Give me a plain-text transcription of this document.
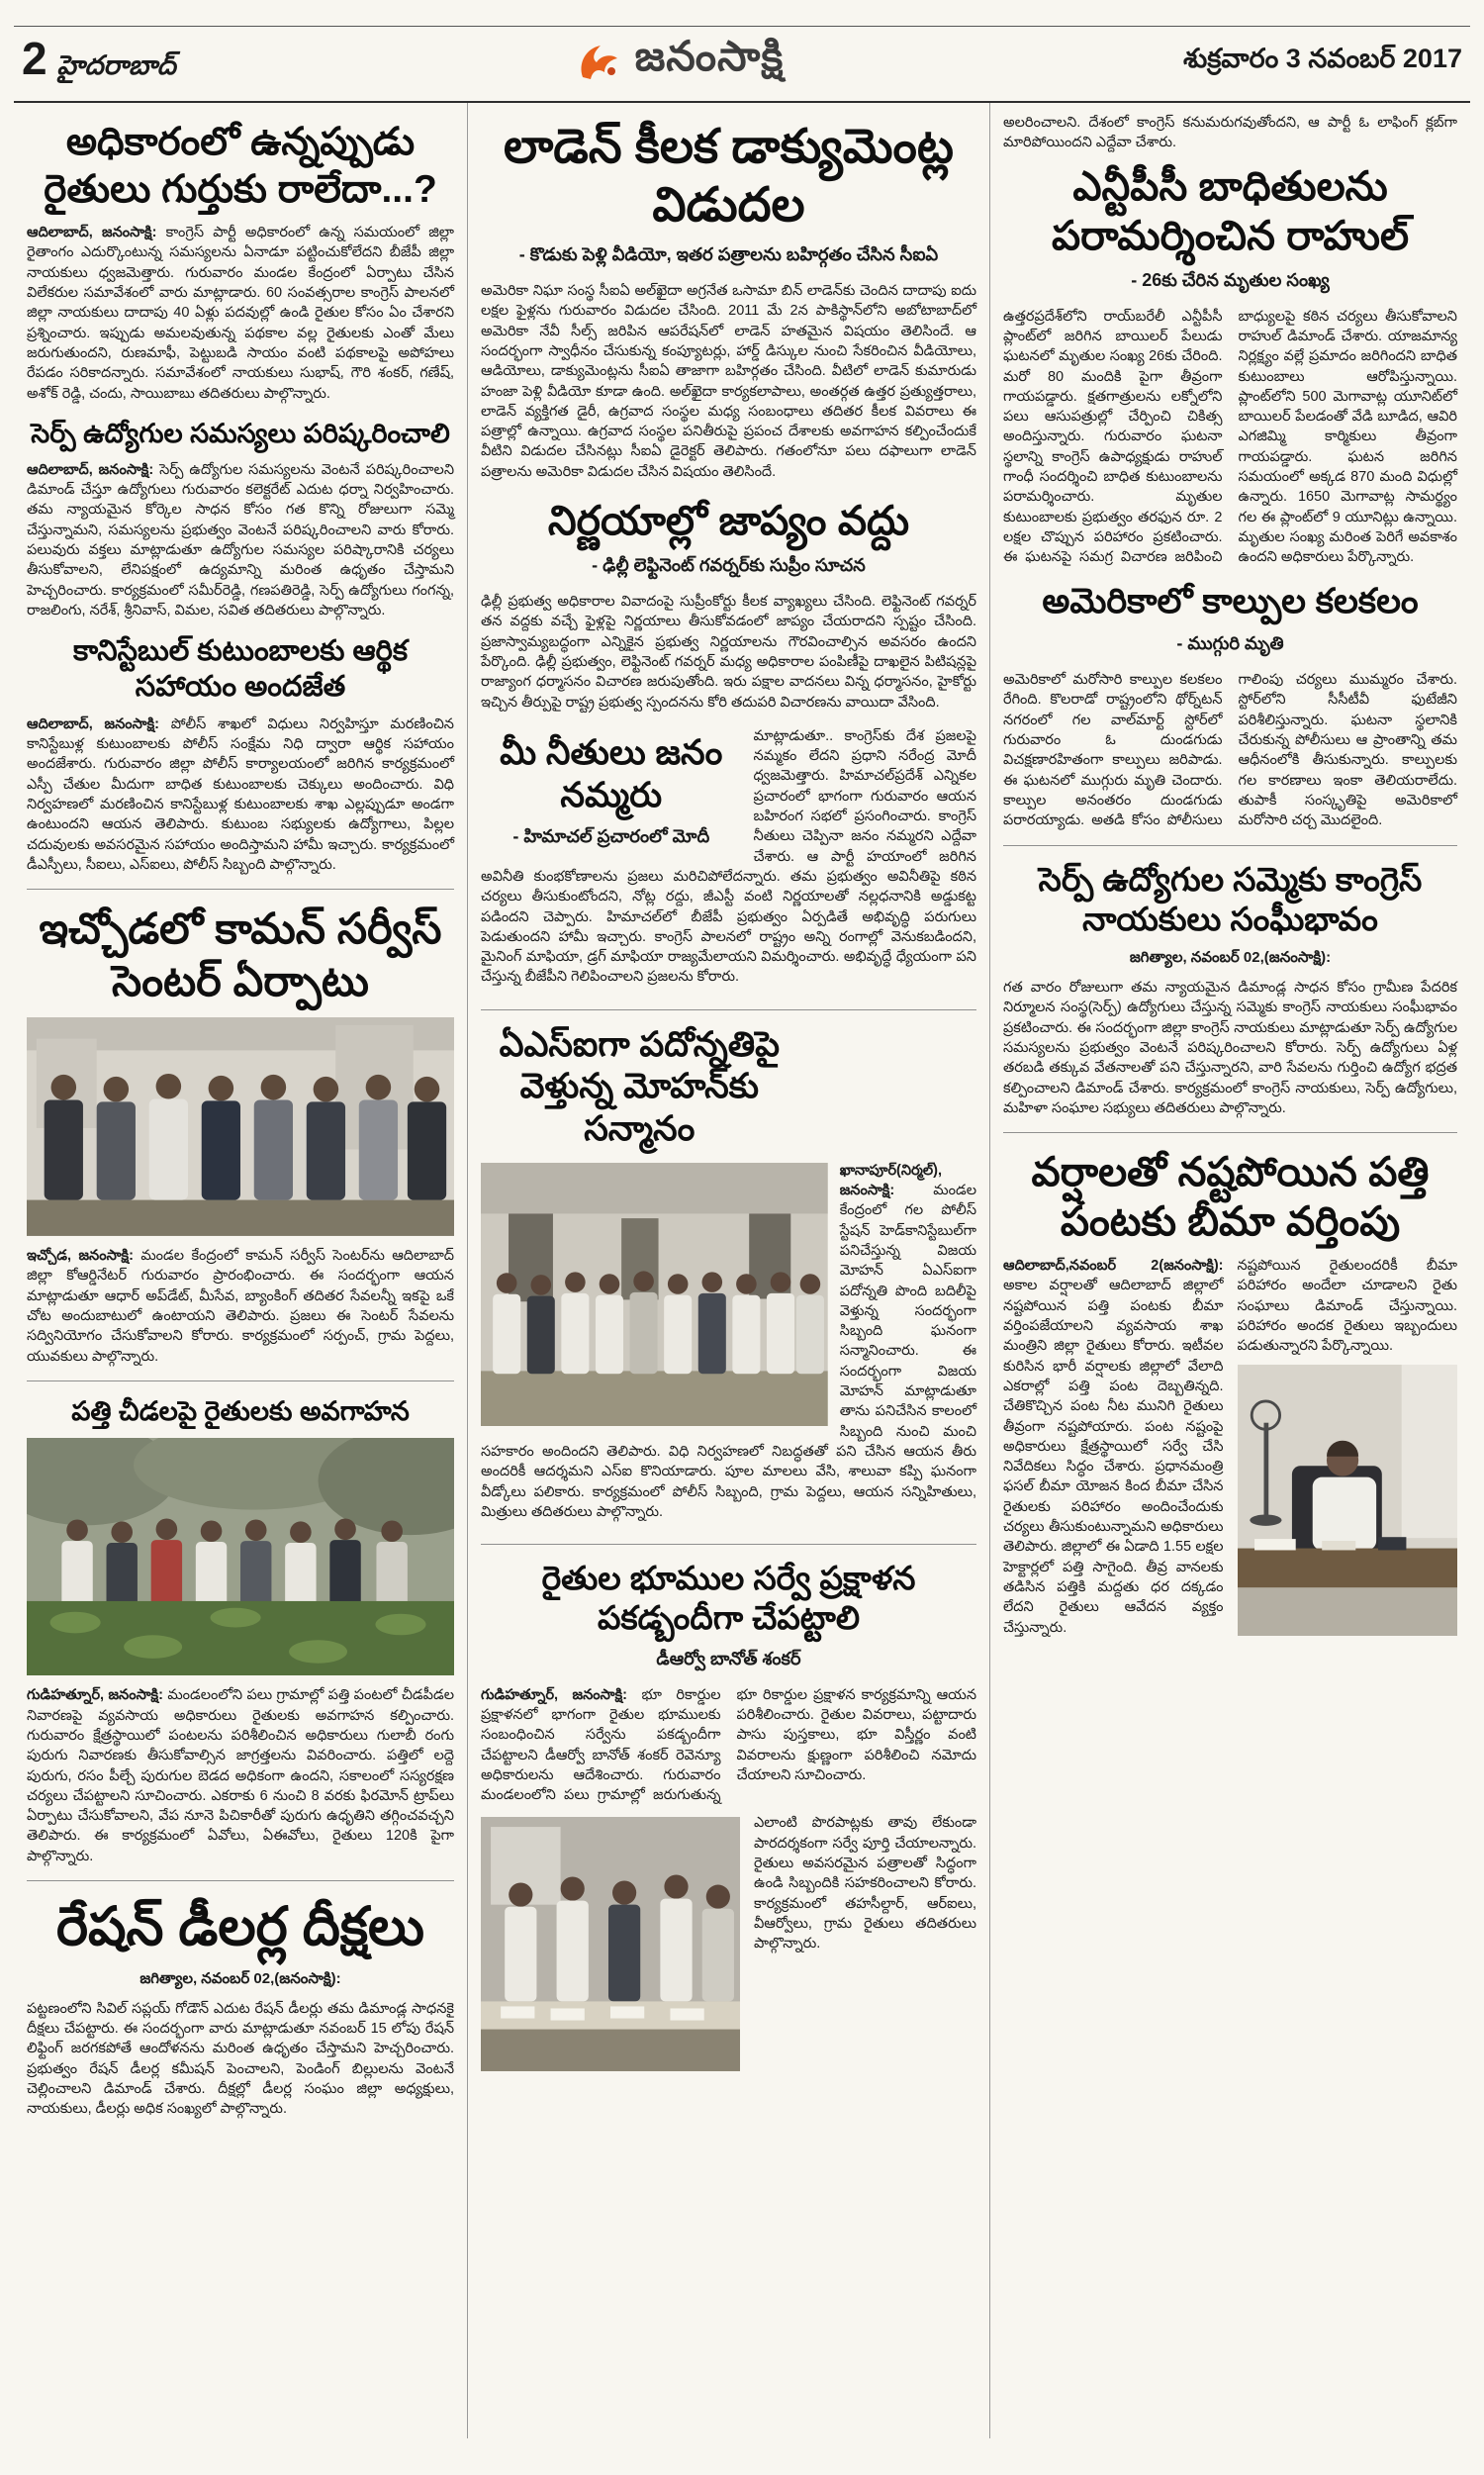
2 హైదరాబాద్	జనంసాక్షి	శుక్రవారం 3 నవంబర్ 2017
అధికారంలో ఉన్నప్పుడు రైతులు గుర్తుకు రాలేదా...?

ఆదిలాబాద్, జనంసాక్షి: కాంగ్రెస్ పార్టీ అధికారంలో ఉన్న సమయంలో జిల్లా రైతాంగం ఎదుర్కొంటున్న సమస్యలను ఏనాడూ పట్టించుకోలేదని బీజేపీ జిల్లా నాయకులు ధ్వజమెత్తారు. గురువారం మండల కేంద్రంలో ఏర్పాటు చేసిన విలేకరుల సమావేశంలో వారు మాట్లాడారు. 60 సంవత్సరాల కాంగ్రెస్ పాలనలో జిల్లా నాయకులు దాదాపు 40 ఏళ్లు పదవుల్లో ఉండి రైతుల కోసం ఏం చేశారని ప్రశ్నించారు. ఇప్పుడు అమలవుతున్న పథకాల వల్ల రైతులకు ఎంతో మేలు జరుగుతుందని, రుణమాఫీ, పెట్టుబడి సాయం వంటి పథకాలపై అపోహలు రేపడం సరికాదన్నారు. సమావేశంలో నాయకులు సుభాష్, గౌరి శంకర్, గణేష్, అశోక్ రెడ్డి, చందు, సాయిబాబు తదితరులు పాల్గొన్నారు.

సెర్ప్ ఉద్యోగుల సమస్యలు పరిష్కరించాలి

ఆదిలాబాద్, జనంసాక్షి: సెర్ప్ ఉద్యోగుల సమస్యలను వెంటనే పరిష్కరించాలని డిమాండ్ చేస్తూ ఉద్యోగులు గురువారం కలెక్టరేట్ ఎదుట ధర్నా నిర్వహించారు. తమ న్యాయమైన కోర్కెల సాధన కోసం గత కొన్ని రోజులుగా సమ్మె చేస్తున్నామని, సమస్యలను ప్రభుత్వం వెంటనే పరిష్కరించాలని వారు కోరారు. పలువురు వక్తలు మాట్లాడుతూ ఉద్యోగుల సమస్యల పరిష్కారానికి చర్యలు తీసుకోవాలని, లేనిపక్షంలో ఉద్యమాన్ని మరింత ఉధృతం చేస్తామని హెచ్చరించారు. కార్యక్రమంలో సమీర్‌రెడ్డి, గణపతిరెడ్డి, సెర్ప్ ఉద్యోగులు గంగన్న, రాజలింగు, నరేశ్, శ్రీనివాస్, విమల, సవిత తదితరులు పాల్గొన్నారు.

కానిస్టేబుల్ కుటుంబాలకు ఆర్థిక సహాయం అందజేత

ఆదిలాబాద్, జనంసాక్షి: పోలీస్ శాఖలో విధులు నిర్వహిస్తూ మరణించిన కానిస్టేబుళ్ల కుటుంబాలకు పోలీస్ సంక్షేమ నిధి ద్వారా ఆర్థిక సహాయం అందజేశారు. గురువారం జిల్లా పోలీస్ కార్యాలయంలో జరిగిన కార్యక్రమంలో ఎస్పీ చేతుల మీదుగా బాధిత కుటుంబాలకు చెక్కులు అందించారు. విధి నిర్వహణలో మరణించిన కానిస్టేబుళ్ల కుటుంబాలకు శాఖ ఎల్లప్పుడూ అండగా ఉంటుందని ఆయన తెలిపారు. కుటుంబ సభ్యులకు ఉద్యోగాలు, పిల్లల చదువులకు అవసరమైన సహాయం అందిస్తామని హామీ ఇచ్చారు. కార్యక్రమంలో డీఎస్పీలు, సీఐలు, ఎస్ఐలు, పోలీస్ సిబ్బంది పాల్గొన్నారు.

ఇచ్చోడలో కామన్ సర్వీస్ సెంటర్ ఏర్పాటు

ఇచ్చోడ, జనంసాక్షి: మండల కేంద్రంలో కామన్ సర్వీస్ సెంటర్‌ను ఆదిలాబాద్ జిల్లా కోఆర్డినేటర్ గురువారం ప్రారంభించారు. ఈ సందర్భంగా ఆయన మాట్లాడుతూ ఆధార్ అప్‌డేట్, మీసేవ, బ్యాంకింగ్ తదితర సేవలన్నీ ఇకపై ఒకే చోట అందుబాటులో ఉంటాయని తెలిపారు. ప్రజలు ఈ సెంటర్ సేవలను సద్వినియోగం చేసుకోవాలని కోరారు. కార్యక్రమంలో సర్పంచ్, గ్రామ పెద్దలు, యువకులు పాల్గొన్నారు.

పత్తి చీడలపై రైతులకు అవగాహన

గుడిహత్నూర్, జనంసాక్షి: మండలంలోని పలు గ్రామాల్లో పత్తి పంటలో చీడపీడల నివారణపై వ్యవసాయ అధికారులు రైతులకు అవగాహన కల్పించారు. గురువారం క్షేత్రస్థాయిలో పంటలను పరిశీలించిన అధికారులు గులాబీ రంగు పురుగు నివారణకు తీసుకోవాల్సిన జాగ్రత్తలను వివరించారు. పత్తిలో లద్దె పురుగు, రసం పీల్చే పురుగుల బెడద అధికంగా ఉందని, సకాలంలో సస్యరక్షణ చర్యలు చేపట్టాలని సూచించారు. ఎకరాకు 6 నుంచి 8 వరకు ఫిరమోన్ ట్రాప్‌లు ఏర్పాటు చేసుకోవాలని, వేప నూనె పిచికారీతో పురుగు ఉధృతిని తగ్గించవచ్చని తెలిపారు. ఈ కార్యక్రమంలో ఏవోలు, ఏఈవోలు, రైతులు 120కి పైగా పాల్గొన్నారు.

రేషన్ డీలర్ల దీక్షలు
జగిత్యాల, నవంబర్ 02,(జనంసాక్షి):

పట్టణంలోని సివిల్ సప్లయ్ గోడౌన్ ఎదుట రేషన్ డీలర్లు తమ డిమాండ్ల సాధనకై దీక్షలు చేపట్టారు. ఈ సందర్భంగా వారు మాట్లాడుతూ నవంబర్ 15 లోపు రేషన్ లిఫ్టింగ్ జరగకపోతే ఆందోళనను మరింత ఉధృతం చేస్తామని హెచ్చరించారు. ప్రభుత్వం రేషన్ డీలర్ల కమీషన్ పెంచాలని, పెండింగ్ బిల్లులను వెంటనే చెల్లించాలని డిమాండ్ చేశారు. దీక్షల్లో డీలర్ల సంఘం జిల్లా అధ్యక్షులు, నాయకులు, డీలర్లు అధిక సంఖ్యలో పాల్గొన్నారు.

లాడెన్ కీలక డాక్యుమెంట్ల విడుదల
- కొడుకు పెళ్లి వీడియో, ఇతర పత్రాలను బహిర్గతం చేసిన సీఐఏ

అమెరికా నిఘా సంస్థ సీఐఏ అల్‌ఖైదా అగ్రనేత ఒసామా బిన్ లాడెన్‌కు చెందిన దాదాపు ఐదు లక్షల ఫైళ్లను గురువారం విడుదల చేసింది. 2011 మే 2న పాకిస్థాన్‌లోని అబోటాబాద్‌లో అమెరికా నేవీ సీల్స్ జరిపిన ఆపరేషన్‌లో లాడెన్ హతమైన విషయం తెలిసిందే. ఆ సందర్భంగా స్వాధీనం చేసుకున్న కంప్యూటర్లు, హార్డ్ డిస్కుల నుంచి సేకరించిన వీడియోలు, ఆడియోలు, డాక్యుమెంట్లను సీఐఏ తాజాగా బహిర్గతం చేసింది. వీటిలో లాడెన్ కుమారుడు హంజా పెళ్లి వీడియో కూడా ఉంది. అల్‌ఖైదా కార్యకలాపాలు, అంతర్గత ఉత్తర ప్రత్యుత్తరాలు, లాడెన్ వ్యక్తిగత డైరీ, ఉగ్రవాద సంస్థల మధ్య సంబంధాలు తదితర కీలక వివరాలు ఈ పత్రాల్లో ఉన్నాయి. ఉగ్రవాద సంస్థల పనితీరుపై ప్రపంచ దేశాలకు అవగాహన కల్పించేందుకే వీటిని విడుదల చేసినట్లు సీఐఏ డైరెక్టర్ తెలిపారు. గతంలోనూ పలు దఫాలుగా లాడెన్ పత్రాలను అమెరికా విడుదల చేసిన విషయం తెలిసిందే.

నిర్ణయాల్లో జాప్యం వద్దు
- ఢిల్లీ లెఫ్టినెంట్ గవర్నర్‌కు సుప్రీం సూచన

ఢిల్లీ ప్రభుత్వ అధికారాల వివాదంపై సుప్రీంకోర్టు కీలక వ్యాఖ్యలు చేసింది. లెఫ్టినెంట్ గవర్నర్ తన వద్దకు వచ్చే ఫైళ్లపై నిర్ణయాలు తీసుకోవడంలో జాప్యం చేయరాదని స్పష్టం చేసింది. ప్రజాస్వామ్యబద్ధంగా ఎన్నికైన ప్రభుత్వ నిర్ణయాలను గౌరవించాల్సిన అవసరం ఉందని పేర్కొంది. ఢిల్లీ ప్రభుత్వం, లెఫ్టినెంట్ గవర్నర్ మధ్య అధికారాల పంపిణీపై దాఖలైన పిటిషన్లపై రాజ్యాంగ ధర్మాసనం విచారణ జరుపుతోంది. ఇరు పక్షాల వాదనలు విన్న ధర్మాసనం, హైకోర్టు ఇచ్చిన తీర్పుపై రాష్ట్ర ప్రభుత్వ స్పందనను కోరి తదుపరి విచారణను వాయిదా వేసింది.

మీ నీతులు జనం నమ్మరు
- హిమాచల్ ప్రచారంలో మోదీ

మాట్లాడుతూ.. కాంగ్రెస్‌కు దేశ ప్రజలపై నమ్మకం లేదని ప్రధాని నరేంద్ర మోదీ ధ్వజమెత్తారు. హిమాచల్‌ప్రదేశ్ ఎన్నికల ప్రచారంలో భాగంగా గురువారం ఆయన బహిరంగ సభలో ప్రసంగించారు. కాంగ్రెస్ నీతులు చెప్పినా జనం నమ్మరని ఎద్దేవా చేశారు. ఆ పార్టీ హయాంలో జరిగిన అవినీతి కుంభకోణాలను ప్రజలు మరిచిపోలేదన్నారు. తమ ప్రభుత్వం అవినీతిపై కఠిన చర్యలు తీసుకుంటోందని, నోట్ల రద్దు, జీఎస్టీ వంటి నిర్ణయాలతో నల్లధనానికి అడ్డుకట్ట పడిందని చెప్పారు. హిమాచల్‌లో బీజేపీ ప్రభుత్వం ఏర్పడితే అభివృద్ధి పరుగులు పెడుతుందని హామీ ఇచ్చారు. కాంగ్రెస్ పాలనలో రాష్ట్రం అన్ని రంగాల్లో వెనుకబడిందని, మైనింగ్ మాఫియా, డ్రగ్ మాఫియా రాజ్యమేలాయని విమర్శించారు. అభివృద్ధే ధ్యేయంగా పని చేస్తున్న బీజేపీని గెలిపించాలని ప్రజలను కోరారు.

ఏఎస్ఐగా పదోన్నతిపై వెళ్తున్న మోహన్‌కు సన్మానం

ఖానాపూర్(నిర్మల్), జనంసాక్షి:	మండల కేంద్రంలో గల పోలీస్ స్టేషన్ హెడ్‌కానిస్టేబుల్‌గా పనిచేస్తున్న విజయ మోహన్ ఏఎస్ఐగా పదోన్నతి పొంది బదిలీపై వెళ్తున్న సందర్భంగా సిబ్బంది ఘనంగా సన్మానించారు. ఈ సందర్భంగా విజయ మోహన్ మాట్లాడుతూ తాను పనిచేసిన కాలంలో సిబ్బంది నుంచి మంచి సహకారం అందిందని తెలిపారు. విధి నిర్వహణలో నిబద్ధతతో పని చేసిన ఆయన తీరు అందరికీ ఆదర్శమని ఎస్ఐ కొనియాడారు. పూల మాలలు వేసి, శాలువా కప్పి ఘనంగా వీడ్కోలు పలికారు. కార్యక్రమంలో పోలీస్ సిబ్బంది, గ్రామ పెద్దలు, ఆయన సన్నిహితులు, మిత్రులు తదితరులు పాల్గొన్నారు.

రైతుల భూముల సర్వే ప్రక్షాళన పకడ్బందీగా చేపట్టాలి
డీఆర్వో బానోత్ శంకర్

గుడిహత్నూర్, జనంసాక్షి: భూ రికార్డుల ప్రక్షాళనలో భాగంగా రైతుల భూములకు సంబంధించిన సర్వేను పకడ్బందీగా చేపట్టాలని డీఆర్వో బానోత్ శంకర్ రెవెన్యూ అధికారులను ఆదేశించారు. గురువారం మండలంలోని పలు గ్రామాల్లో జరుగుతున్న భూ రికార్డుల ప్రక్షాళన కార్యక్రమాన్ని ఆయన పరిశీలించారు. రైతుల వివరాలు, పట్టాదారు పాసు పుస్తకాలు, భూ విస్తీర్ణం వంటి వివరాలను క్షుణ్ణంగా పరిశీలించి నమోదు చేయాలని సూచించారు.

ఎలాంటి పొరపాట్లకు తావు లేకుండా పారదర్శకంగా సర్వే పూర్తి చేయాలన్నారు. రైతులు అవసరమైన పత్రాలతో సిద్ధంగా ఉండి సిబ్బందికి సహకరించాలని కోరారు. కార్యక్రమంలో తహసీల్దార్, ఆర్ఐలు, వీఆర్వోలు, గ్రామ రైతులు తదితరులు పాల్గొన్నారు.

అలరించాలని. దేశంలో కాంగ్రెస్ కనుమరుగవుతోందని, ఆ పార్టీ ఓ లాఫింగ్ క్లబ్‌గా మారిపోయిందని ఎద్దేవా చేశారు.

ఎన్టీపీసీ బాధితులను పరామర్శించిన రాహుల్
- 26కు చేరిన మృతుల సంఖ్య

ఉత్తరప్రదేశ్‌లోని రాయ్‌బరేలీ ఎన్టీపీసీ ప్లాంట్‌లో జరిగిన బాయిలర్ పేలుడు ఘటనలో మృతుల సంఖ్య 26కు చేరింది. మరో 80 మందికి పైగా తీవ్రంగా గాయపడ్డారు. క్షతగాత్రులను లక్నోలోని పలు ఆసుపత్రుల్లో చేర్పించి చికిత్స అందిస్తున్నారు. గురువారం ఘటనా స్థలాన్ని కాంగ్రెస్ ఉపాధ్యక్షుడు రాహుల్ గాంధీ సందర్శించి బాధిత కుటుంబాలను పరామర్శించారు. మృతుల కుటుంబాలకు ప్రభుత్వం తరఫున రూ. 2 లక్షల చొప్పున పరిహారం ప్రకటించారు. ఈ ఘటనపై సమగ్ర విచారణ జరిపించి బాధ్యులపై కఠిన చర్యలు తీసుకోవాలని రాహుల్ డిమాండ్ చేశారు. యాజమాన్య నిర్లక్ష్యం వల్లే ప్రమాదం జరిగిందని బాధిత కుటుంబాలు ఆరోపిస్తున్నాయి. ప్లాంట్‌లోని 500 మెగావాట్ల యూనిట్‌లో బాయిలర్ పేలడంతో వేడి బూడిద, ఆవిరి ఎగజిమ్మి కార్మికులు తీవ్రంగా గాయపడ్డారు. ఘటన జరిగిన సమయంలో అక్కడ 870 మంది విధుల్లో ఉన్నారు. 1650 మెగావాట్ల సామర్థ్యం గల ఈ ప్లాంట్‌లో 9 యూనిట్లు ఉన్నాయి. మృతుల సంఖ్య మరింత పెరిగే అవకాశం ఉందని అధికారులు పేర్కొన్నారు.

అమెరికాలో కాల్పుల కలకలం
- ముగ్గురి మృతి

అమెరికాలో మరోసారి కాల్పుల కలకలం రేగింది. కొలరాడో రాష్ట్రంలోని థోర్న్‌టన్ నగరంలో గల వాల్‌మార్ట్ స్టోర్‌లో గురువారం ఓ దుండగుడు విచక్షణారహితంగా కాల్పులు జరిపాడు. ఈ ఘటనలో ముగ్గురు మృతి చెందారు. కాల్పుల అనంతరం దుండగుడు పరారయ్యాడు. అతడి కోసం పోలీసులు గాలింపు చర్యలు ముమ్మరం చేశారు. స్టోర్‌లోని సీసీటీవీ ఫుటేజీని పరిశీలిస్తున్నారు. ఘటనా స్థలానికి చేరుకున్న పోలీసులు ఆ ప్రాంతాన్ని తమ ఆధీనంలోకి తీసుకున్నారు. కాల్పులకు గల కారణాలు ఇంకా తెలియరాలేదు. తుపాకీ సంస్కృతిపై అమెరికాలో మరోసారి చర్చ మొదలైంది.

సెర్ప్ ఉద్యోగుల సమ్మెకు కాంగ్రెస్ నాయకులు సంఘీభావం
జగిత్యాల, నవంబర్ 02,(జనంసాక్షి):

గత వారం రోజులుగా తమ న్యాయమైన డిమాండ్ల సాధన కోసం గ్రామీణ పేదరిక నిర్మూలన సంస్థ(సెర్ప్) ఉద్యోగులు చేస్తున్న సమ్మెకు కాంగ్రెస్ నాయకులు సంఘీభావం ప్రకటించారు. ఈ సందర్భంగా జిల్లా కాంగ్రెస్ నాయకులు మాట్లాడుతూ సెర్ప్ ఉద్యోగుల సమస్యలను ప్రభుత్వం వెంటనే పరిష్కరించాలని కోరారు. సెర్ప్ ఉద్యోగులు ఏళ్ల తరబడి తక్కువ వేతనాలతో పని చేస్తున్నారని, వారి సేవలను గుర్తించి ఉద్యోగ భద్రత కల్పించాలని డిమాండ్ చేశారు. కార్యక్రమంలో కాంగ్రెస్ నాయకులు, సెర్ప్ ఉద్యోగులు, మహిళా సంఘాల సభ్యులు తదితరులు పాల్గొన్నారు.

వర్షాలతో నష్టపోయిన పత్తి పంటకు బీమా వర్తింపు

ఆదిలాబాద్,నవంబర్ 2(జనంసాక్షి): అకాల వర్షాలతో ఆదిలాబాద్ జిల్లాలో నష్టపోయిన పత్తి పంటకు బీమా వర్తింపజేయాలని వ్యవసాయ శాఖ మంత్రిని జిల్లా రైతులు కోరారు. ఇటీవల కురిసిన భారీ వర్షాలకు జిల్లాలో వేలాది ఎకరాల్లో పత్తి పంట దెబ్బతిన్నది. చేతికొచ్చిన పంట నీట మునిగి రైతులు తీవ్రంగా నష్టపోయారు. పంట నష్టంపై అధికారులు క్షేత్రస్థాయిలో సర్వే చేసి నివేదికలు సిద్ధం చేశారు. ప్రధానమంత్రి ఫసల్ బీమా యోజన కింద బీమా చేసిన రైతులకు పరిహారం అందించేందుకు చర్యలు తీసుకుంటున్నామని అధికారులు తెలిపారు. జిల్లాలో ఈ ఏడాది 1.55 లక్షల హెక్టార్లలో పత్తి సాగైంది. తీవ్ర వానలకు తడిసిన పత్తికి మద్దతు ధర దక్కడం లేదని రైతులు ఆవేదన వ్యక్తం చేస్తున్నారు.

నష్టపోయిన రైతులందరికీ బీమా పరిహారం అందేలా చూడాలని రైతు సంఘాలు డిమాండ్ చేస్తున్నాయి. పరిహారం అందక రైతులు ఇబ్బందులు పడుతున్నారని పేర్కొన్నాయి.
